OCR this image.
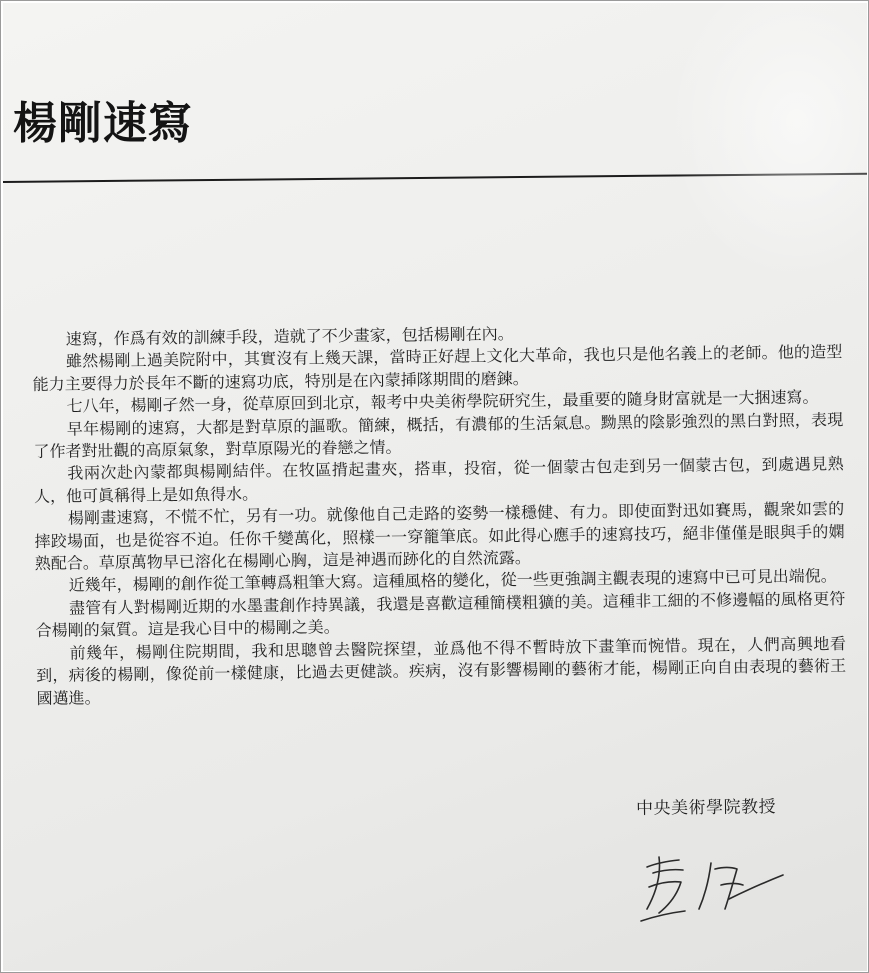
楊剛速寫

速寫，作爲有效的訓練手段，造就了不少畫家，包括楊剛在內。

雖然楊剛上過美院附中，其實沒有上幾天課，當時正好趕上文化大革命，我也只是他名義上的老師。他的造型能力主要得力於長年不斷的速寫功底，特別是在內蒙揷隊期間的磨鍊。

七八年，楊剛孑然一身，從草原回到北京，報考中央美術學院研究生，最重要的隨身財富就是一大捆速寫。

早年楊剛的速寫，大都是對草原的謳歌。簡練，概括，有濃郁的生活氣息。黝黑的陰影強烈的黑白對照，表現了作者對壯觀的高原氣象，對草原陽光的眷戀之情。

我兩次赴內蒙都與楊剛結伴。在牧區揹起畫夾，搭車，投宿，從一個蒙古包走到另一個蒙古包，到處遇見熟人，他可眞稱得上是如魚得水。

楊剛畫速寫，不慌不忙，另有一功。就像他自己走路的姿勢一樣穩健、有力。即使面對迅如賽馬，觀衆如雲的摔跤場面，也是從容不迫。任你千變萬化，照樣一一穿籠筆底。如此得心應手的速寫技巧，絕非僅僅是眼與手的嫻熟配合。草原萬物早已溶化在楊剛心胸，這是神遇而跡化的自然流露。

近幾年，楊剛的創作從工筆轉爲粗筆大寫。這種風格的變化，從一些更強調主觀表現的速寫中已可見出端倪。

盡管有人對楊剛近期的水墨畫創作持異議，我還是喜歡這種簡樸粗獷的美。這種非工細的不修邊幅的風格更符合楊剛的氣質。這是我心目中的楊剛之美。

前幾年，楊剛住院期間，我和思聰曾去醫院探望，並爲他不得不暫時放下畫筆而惋惜。現在，人們高興地看到，病後的楊剛，像從前一樣健康，比過去更健談。疾病，沒有影響楊剛的藝術才能，楊剛正向自由表現的藝術王國邁進。

中央美術學院教授
